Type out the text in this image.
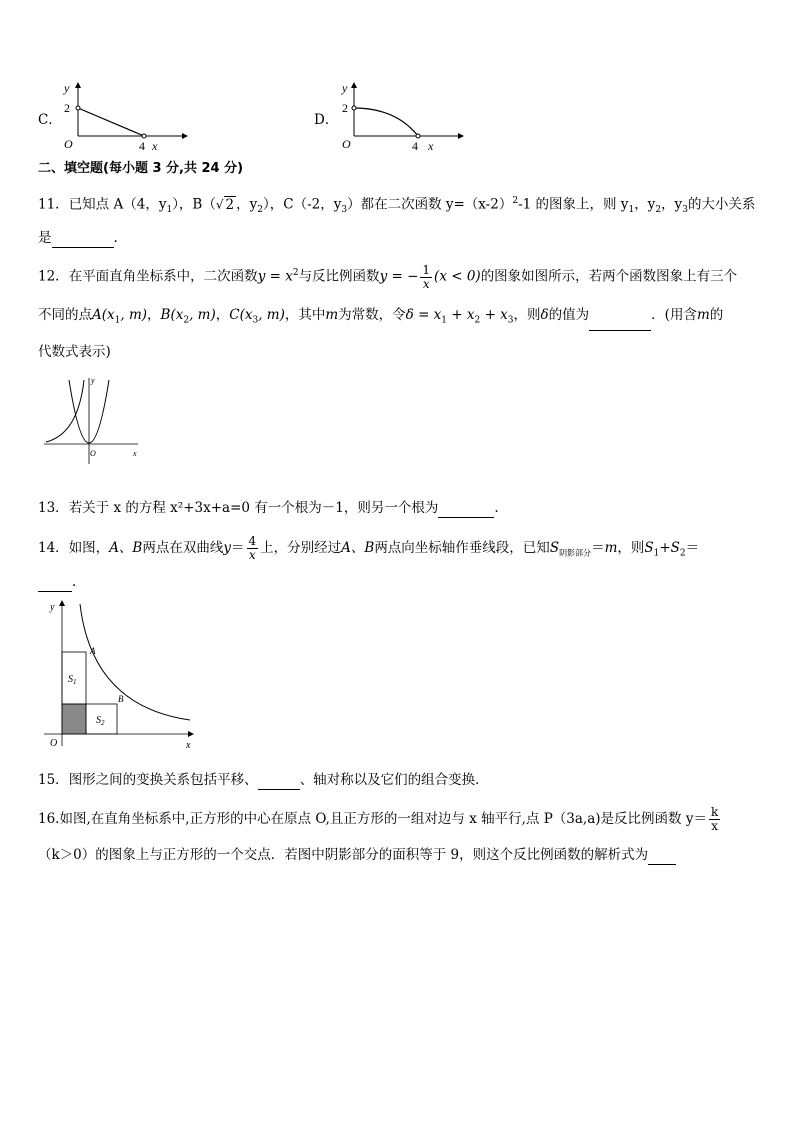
C．
y
2
O	4 x
D．
y
2
O	4 x
二、填空题(每小题 3 分,共 24 分)
11．已知点 A（4，$y_1$），B（√ 2 ，$y_2$），C（-2，$y_3$）都在二次函数 $y=(x-2)^2-1$ 的图象上，则 $y_1$，$y_2$，$y_3$的大小关系
是	.
12．在平面直角坐标系中，二次函数$y = x^2$与反比例函数y = − $\frac{1}{x} (x < 0)$的图象如图所示，若两个函数图象上有三个
不同的点$A(x_1$, m)，$B(x_2$, m)，$C(x_3$, m)，其中m为常数，令$\delta = x_1 + x_2 + x_3$，则δ的值为	．(用含m的
代数式表示)
y
O	x
13．若关于 x 的方程 x²+3x+a=0 有一个根为－1，则另一个根为	.
14．如图，A、B两点在双曲线$y= \frac{4}{x}$ 上，分别经过A、B两点向坐标轴作垂线段，已知$S_{阴影部分}=m$，则$S_1+S_2=$
.
y
O	x
A
B
$S_1$
$S_2$
15．图形之间的变换关系包括平移、	、轴对称以及它们的组合变换．
16.如图,在直角坐标系中,正方形的中心在原点 O,且正方形的一组对边与 x 轴平行,点 P（3a,a)是反比例函数 $y= \frac{k}{x}$
（k＞0）的图象上与正方形的一个交点．若图中阴影部分的面积等于 9，则这个反比例函数的解析式为
